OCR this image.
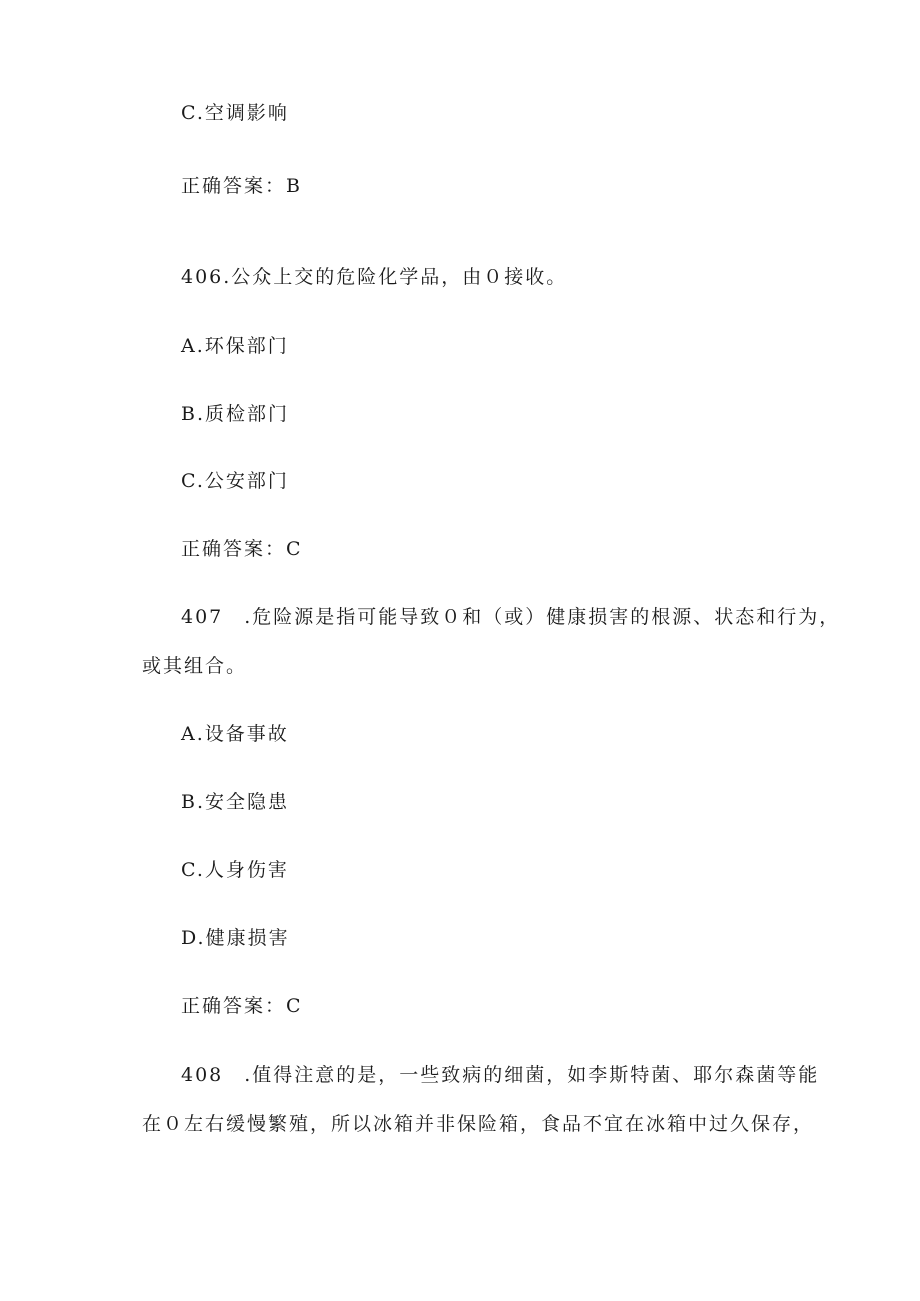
C.空调影响
正确答案：B
406.公众上交的危险化学品，由０接收。
A.环保部门
B.质检部门
C.公安部门
正确答案：C
407　.危险源是指可能导致０和（或）健康损害的根源、状态和行为，
或其组合。
A.设备事故
B.安全隐患
C.人身伤害
D.健康损害
正确答案：C
408　.值得注意的是，一些致病的细菌，如李斯特菌、耶尔森菌等能
在０左右缓慢繁殖，所以冰箱并非保险箱，食品不宜在冰箱中过久保存，
